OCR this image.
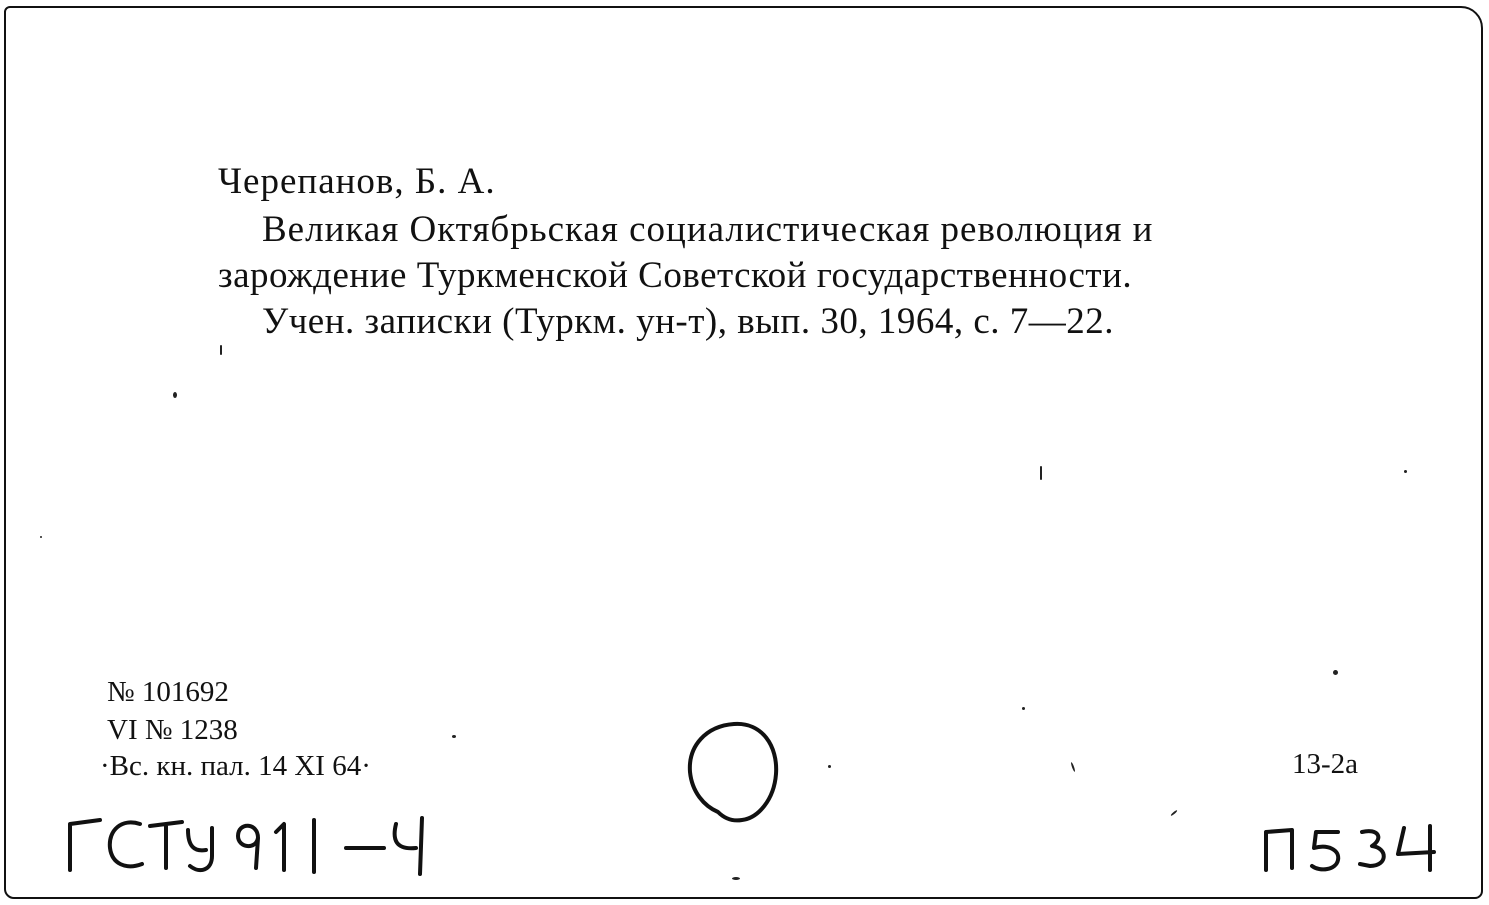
Черепанов, Б. А.
Великая Октябрьская социалистическая революция и
зарождение Туркменской Советской государственности.
Учен. записки (Туркм. ун-т), вып. 30, 1964, с. 7—22.
№ 101692
VI № 1238
·Вс. кн. пал. 14 XI 64·	13-2а
